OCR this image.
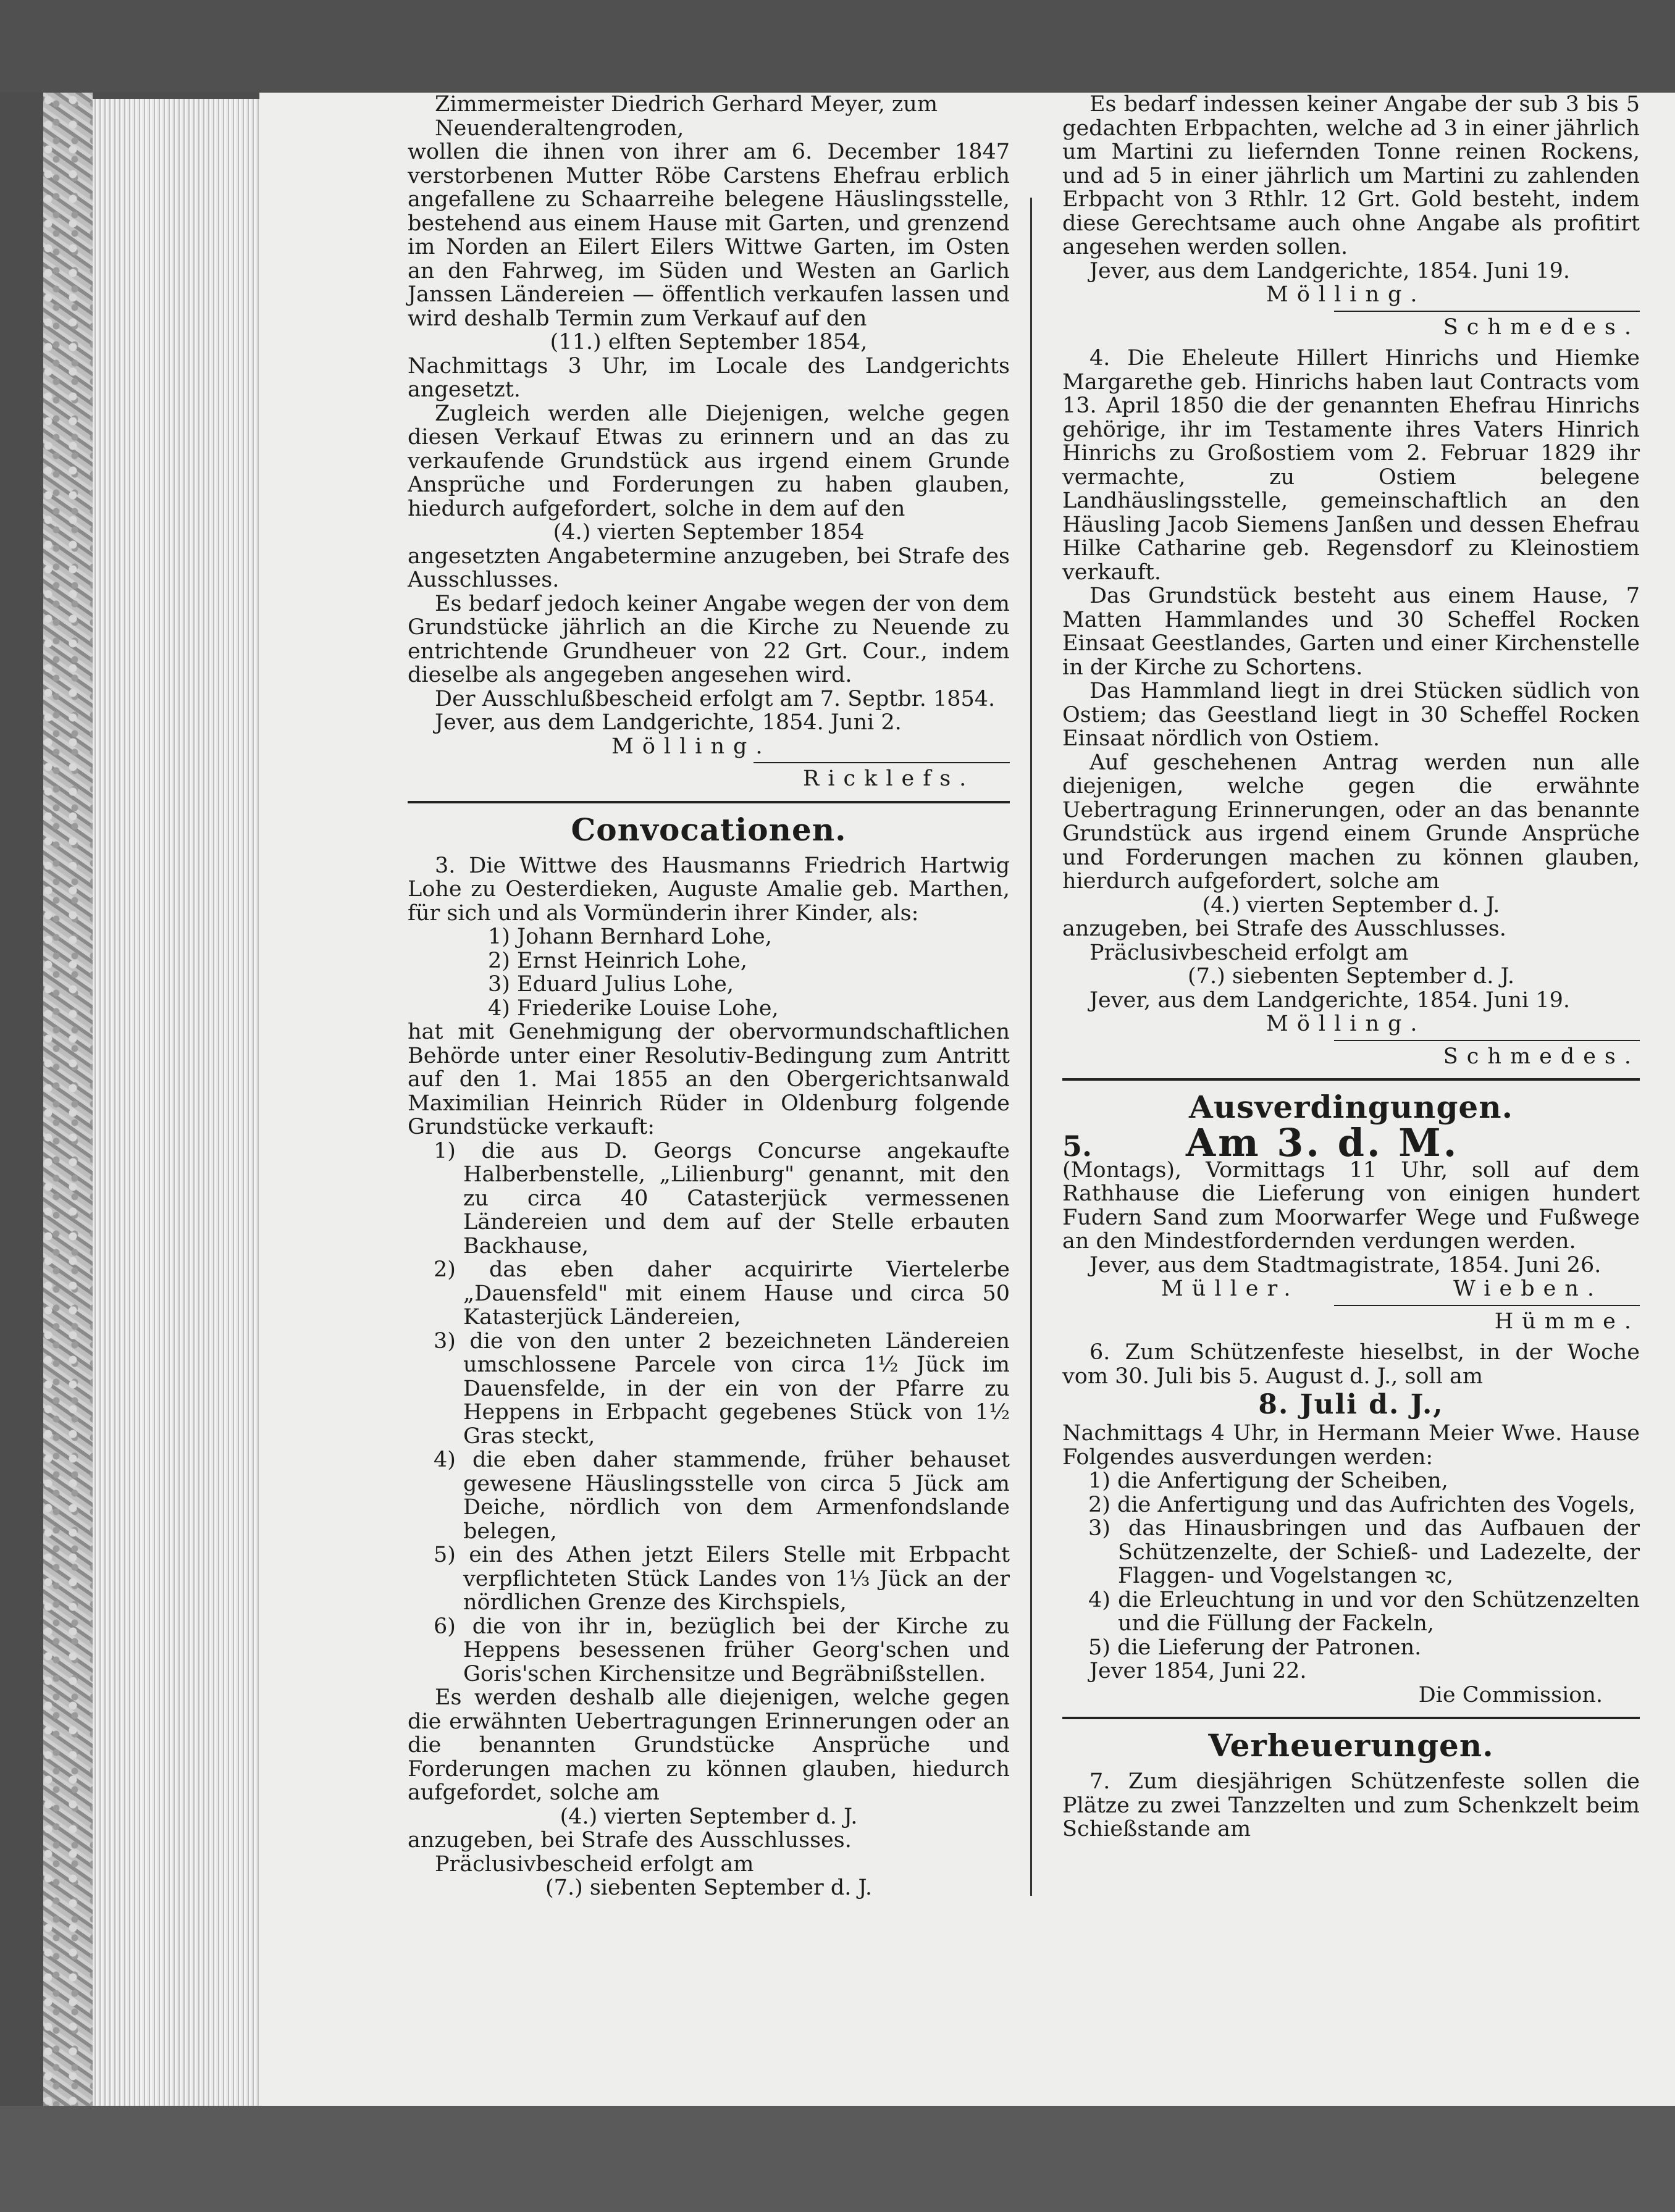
Zimmermeister Diedrich Gerhard Meyer, zum

Neuenderaltengroden,

wollen die ihnen von ihrer am 6. December 1847 verstorbenen Mutter Röbe Carstens Ehefrau erblich angefallene zu Schaarreihe belegene Häuslingsstelle, bestehend aus einem Hause mit Garten, und grenzend im Norden an Eilert Eilers Wittwe Garten, im Osten an den Fahrweg, im Süden und Westen an Garlich Janssen Ländereien — öffentlich verkaufen lassen und wird deshalb Termin zum Verkauf auf den

(11.) elften September 1854,

Nachmittags 3 Uhr, im Locale des Landgerichts angesetzt.

Zugleich werden alle Diejenigen, welche gegen diesen Verkauf Etwas zu erinnern und an das zu verkaufende Grundstück aus irgend einem Grunde Ansprüche und Forderungen zu haben glauben, hiedurch aufgefordert, solche in dem auf den

(4.) vierten September 1854

angesetzten Angabetermine anzugeben, bei Strafe des Ausschlusses.

Es bedarf jedoch keiner Angabe wegen der von dem Grundstücke jährlich an die Kirche zu Neuende zu entrichtende Grundheuer von 22 Grt. Cour., indem dieselbe als angegeben angesehen wird.

Der Ausschlußbescheid erfolgt am 7. Septbr. 1854.

Jever, aus dem Landgerichte, 1854. Juni 2.

Mölling.

Ricklefs.

Convocationen.

3. Die Wittwe des Hausmanns Friedrich Hartwig Lohe zu Oesterdieken, Auguste Amalie geb. Marthen, für sich und als Vormünderin ihrer Kinder, als:

1) Johann Bernhard Lohe,

2) Ernst Heinrich Lohe,

3) Eduard Julius Lohe,

4) Friederike Louise Lohe,

hat mit Genehmigung der obervormundschaftlichen Behörde unter einer Resolutiv-Bedingung zum Antritt auf den 1. Mai 1855 an den Obergerichtsanwald Maximilian Heinrich Rüder in Oldenburg folgende Grundstücke verkauft:

1) die aus D. Georgs Concurse angekaufte Halberbenstelle, „Lilienburg" genannt, mit den zu circa 40 Catasterjück vermessenen Ländereien und dem auf der Stelle erbauten Backhause,

2) das eben daher acquirirte Viertelerbe „Dauensfeld" mit einem Hause und circa 50 Katasterjück Ländereien,

3) die von den unter 2 bezeichneten Ländereien umschlossene Parcele von circa 1½ Jück im Dauensfelde, in der ein von der Pfarre zu Heppens in Erbpacht gegebenes Stück von 1½ Gras steckt,

4) die eben daher stammende, früher behauset gewesene Häuslingsstelle von circa 5 Jück am Deiche, nördlich von dem Armenfondslande belegen,

5) ein des Athen jetzt Eilers Stelle mit Erbpacht verpflichteten Stück Landes von 1⅓ Jück an der nördlichen Grenze des Kirchspiels,

6) die von ihr in, bezüglich bei der Kirche zu Heppens besessenen früher Georg'schen und Goris'schen Kirchensitze und Begräbnißstellen.

Es werden deshalb alle diejenigen, welche gegen die erwähnten Uebertragungen Erinnerungen oder an die benannten Grundstücke Ansprüche und Forderungen machen zu können glauben, hiedurch aufgefordet, solche am

(4.) vierten September d. J.

anzugeben, bei Strafe des Ausschlusses.

Präclusivbescheid erfolgt am

(7.) siebenten September d. J.

Es bedarf indessen keiner Angabe der sub 3 bis 5 gedachten Erbpachten, welche ad 3 in einer jährlich um Martini zu liefernden Tonne reinen Rockens, und ad 5 in einer jährlich um Martini zu zahlenden Erbpacht von 3 Rthlr. 12 Grt. Gold besteht, indem diese Gerechtsame auch ohne Angabe als profitirt angesehen werden sollen.

Jever, aus dem Landgerichte, 1854. Juni 19.

Mölling.

Schmedes.

4. Die Eheleute Hillert Hinrichs und Hiemke Margarethe geb. Hinrichs haben laut Contracts vom 13. April 1850 die der genannten Ehefrau Hinrichs gehörige, ihr im Testamente ihres Vaters Hinrich Hinrichs zu Großostiem vom 2. Februar 1829 ihr vermachte, zu Ostiem belegene Landhäuslingsstelle, gemeinschaftlich an den Häusling Jacob Siemens Janßen und dessen Ehefrau Hilke Catharine geb. Regensdorf zu Kleinostiem verkauft.

Das Grundstück besteht aus einem Hause, 7 Matten Hammlandes und 30 Scheffel Rocken Einsaat Geestlandes, Garten und einer Kirchenstelle in der Kirche zu Schortens.

Das Hammland liegt in drei Stücken südlich von Ostiem; das Geestland liegt in 30 Scheffel Rocken Einsaat nördlich von Ostiem.

Auf geschehenen Antrag werden nun alle diejenigen, welche gegen die erwähnte Uebertragung Erinnerungen, oder an das benannte Grundstück aus irgend einem Grunde Ansprüche und Forderungen machen zu können glauben, hierdurch aufgefordert, solche am

(4.) vierten September d. J.

anzugeben, bei Strafe des Ausschlusses.

Präclusivbescheid erfolgt am

(7.) siebenten September d. J.

Jever, aus dem Landgerichte, 1854. Juni 19.

Mölling.

Schmedes.

Ausverdingungen.
5.	Am 3. d. M.

(Montags), Vormittags 11 Uhr, soll auf dem Rathhause die Lieferung von einigen hundert Fudern Sand zum Moorwarfer Wege und Fußwege an den Mindestfordernden verdungen werden.

Jever, aus dem Stadtmagistrate, 1854. Juni 26.

Müller.	Wieben.

Hümme.

6. Zum Schützenfeste hieselbst, in der Woche vom 30. Juli bis 5. August d. J., soll am

8. Juli d. J.,

Nachmittags 4 Uhr, in Hermann Meier Wwe. Hause Folgendes ausverdungen werden:

1) die Anfertigung der Scheiben,

2) die Anfertigung und das Aufrichten des Vogels,

3) das Hinausbringen und das Aufbauen der Schützenzelte, der Schieß- und Ladezelte, der Flaggen- und Vogelstangen ꝛc,

4) die Erleuchtung in und vor den Schützenzelten und die Füllung der Fackeln,

5) die Lieferung der Patronen.

Jever 1854, Juni 22.

Die Commission.

Verheuerungen.

7. Zum diesjährigen Schützenfeste sollen die Plätze zu zwei Tanzzelten und zum Schenkzelt beim Schießstande am
